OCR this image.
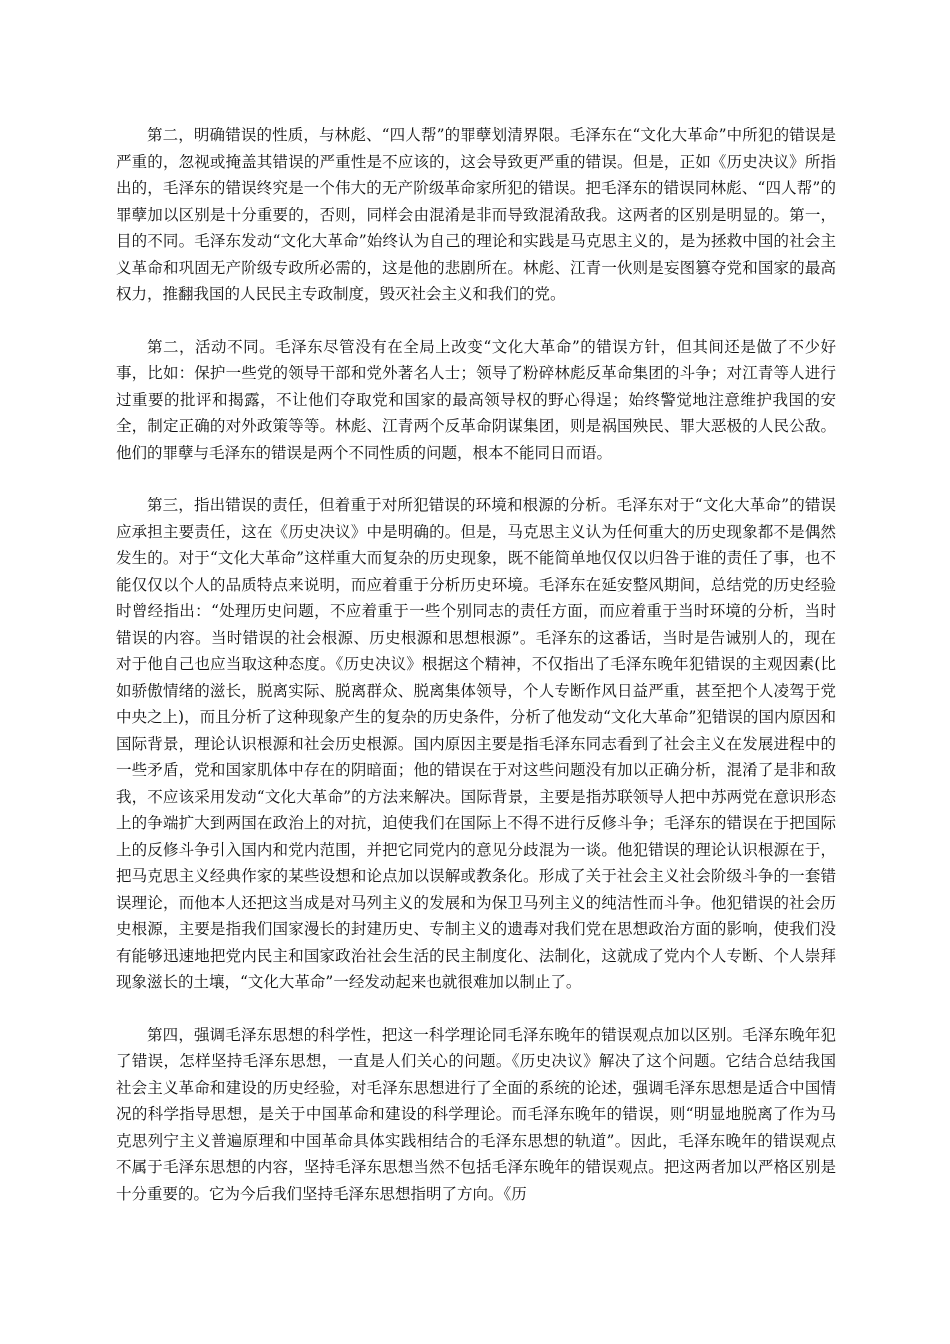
第二，明确错误的性质，与林彪、“四人帮”的罪孽划清界限。毛泽东在“文化大革命”中所犯的错误是严重的，忽视或掩盖其错误的严重性是不应该的，这会导致更严重的错误。但是，正如《历史决议》所指出的，毛泽东的错误终究是一个伟大的无产阶级革命家所犯的错误。把毛泽东的错误同林彪、“四人帮”的罪孽加以区别是十分重要的，否则，同样会由混淆是非而导致混淆敌我。这两者的区别是明显的。第一，目的不同。毛泽东发动“文化大革命”始终认为自己的理论和实践是马克思主义的，是为拯救中国的社会主义革命和巩固无产阶级专政所必需的，这是他的悲剧所在。林彪、江青一伙则是妄图篡夺党和国家的最高权力，推翻我国的人民民主专政制度，毁灭社会主义和我们的党。

第二，活动不同。毛泽东尽管没有在全局上改变“文化大革命”的错误方针，但其间还是做了不少好事，比如：保护一些党的领导干部和党外著名人士；领导了粉碎林彪反革命集团的斗争；对江青等人进行过重要的批评和揭露，不让他们夺取党和国家的最高领导权的野心得逞；始终警觉地注意维护我国的安全，制定正确的对外政策等等。林彪、江青两个反革命阴谋集团，则是祸国殃民、罪大恶极的人民公敌。他们的罪孽与毛泽东的错误是两个不同性质的问题，根本不能同日而语。

第三，指出错误的责任，但着重于对所犯错误的环境和根源的分析。毛泽东对于“文化大革命”的错误应承担主要责任，这在《历史决议》中是明确的。但是，马克思主义认为任何重大的历史现象都不是偶然发生的。对于“文化大革命”这样重大而复杂的历史现象，既不能简单地仅仅以归咎于谁的责任了事，也不能仅仅以个人的品质特点来说明，而应着重于分析历史环境。毛泽东在延安整风期间，总结党的历史经验时曾经指出：“处理历史问题，不应着重于一些个别同志的责任方面，而应着重于当时环境的分析，当时错误的内容。当时错误的社会根源、历史根源和思想根源”。毛泽东的这番话，当时是告诫别人的，现在对于他自己也应当取这种态度。《历史决议》根据这个精神，不仅指出了毛泽东晚年犯错误的主观因素(比如骄傲情绪的滋长，脱离实际、脱离群众、脱离集体领导，个人专断作风日益严重，甚至把个人凌驾于党中央之上)，而且分析了这种现象产生的复杂的历史条件，分析了他发动“文化大革命”犯错误的国内原因和国际背景，理论认识根源和社会历史根源。国内原因主要是指毛泽东同志看到了社会主义在发展进程中的一些矛盾，党和国家肌体中存在的阴暗面；他的错误在于对这些问题没有加以正确分析，混淆了是非和敌我，不应该采用发动“文化大革命”的方法来解决。国际背景，主要是指苏联领导人把中苏两党在意识形态上的争端扩大到两国在政治上的对抗，迫使我们在国际上不得不进行反修斗争；毛泽东的错误在于把国际上的反修斗争引入国内和党内范围，并把它同党内的意见分歧混为一谈。他犯错误的理论认识根源在于，把马克思主义经典作家的某些设想和论点加以误解或教条化。形成了关于社会主义社会阶级斗争的一套错误理论，而他本人还把这当成是对马列主义的发展和为保卫马列主义的纯洁性而斗争。他犯错误的社会历史根源，主要是指我们国家漫长的封建历史、专制主义的遗毒对我们党在思想政治方面的影响，使我们没有能够迅速地把党内民主和国家政治社会生活的民主制度化、法制化，这就成了党内个人专断、个人崇拜现象滋长的土壤，“文化大革命”一经发动起来也就很难加以制止了。

第四，强调毛泽东思想的科学性，把这一科学理论同毛泽东晚年的错误观点加以区别。毛泽东晚年犯了错误，怎样坚持毛泽东思想，一直是人们关心的问题。《历史决议》解决了这个问题。它结合总结我国社会主义革命和建设的历史经验，对毛泽东思想进行了全面的系统的论述，强调毛泽东思想是适合中国情况的科学指导思想，是关于中国革命和建设的科学理论。而毛泽东晚年的错误，则“明显地脱离了作为马克思列宁主义普遍原理和中国革命具体实践相结合的毛泽东思想的轨道”。因此，毛泽东晚年的错误观点不属于毛泽东思想的内容，坚持毛泽东思想当然不包括毛泽东晚年的错误观点。把这两者加以严格区别是十分重要的。它为今后我们坚持毛泽东思想指明了方向。《历
